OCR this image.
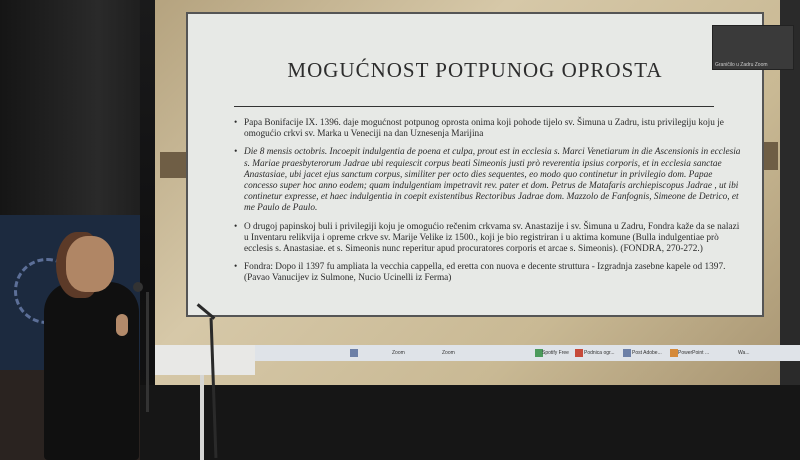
MOGUĆNOST POTPUNOG OPROSTA
• Papa Bonifacije IX. 1396. daje mogućnost potpunog oprosta onima koji pohode tijelo sv. Šimuna u Zadru, istu privilegiju koju je omogućio crkvi sv. Marka u Veneciji na dan Uznesenja Marijina
• Die 8 mensis octobris. Incoepit indulgentia de poena et culpa, prout est in ecclesia s. Marci Venetiarum in die Ascensionis in ecclesia s. Mariae praesbyterorum Jadrae ubi requiescit corpus beati Simeonis justi prò reverentia ipsius corporis, et in ecclesia sanctae Anastasiae, ubi jacet ejus sanctum corpus, similiter per octo dies sequentes, eo modo quo continetur in privilegio dom. Papae concesso super hoc anno eodem; quam indulgentiam impetravit rev. pater et dom. Petrus de Matafaris archiepiscopus Jadrae , ut ibi continetur expresse, et haec indulgentia in coepit existentibus Rectoribus Jadrae dom. Mazzolo de Fanfognis, Simeone de Detrico, et me Paulo de Paulo.
• O drugoj papinskoj buli i privilegiji koju je omogućio rečenim crkvama sv. Anastazije i sv. Šimuna u Zadru, Fondra kaže da se nalazi u Inventaru relikvija i opreme crkve sv. Marije Velike iz 1500., koji je bio registriran i u aktima komune (Bulla indulgentiae prò ecclesis s. Anastasiae. et s. Simeonis nunc reperitur apud procuratores corporis et arcae s. Simeonis). (FONDRA, 270-272.)
• Fondra: Dopo il 1397 fu ampliata la vecchia cappella, ed eretta con nuova e decente struttura - Izgradnja zasebne kapele od 1397. (Pavao Vanucijev iz Sulmone, Nucio Ucinelli iz Ferma)
Graničilo u Zadru Zoom
Zoom	Zoom	Spotify Free	Podnica ogr...	Post Adobe...	PowerPoint ...	Wa...
